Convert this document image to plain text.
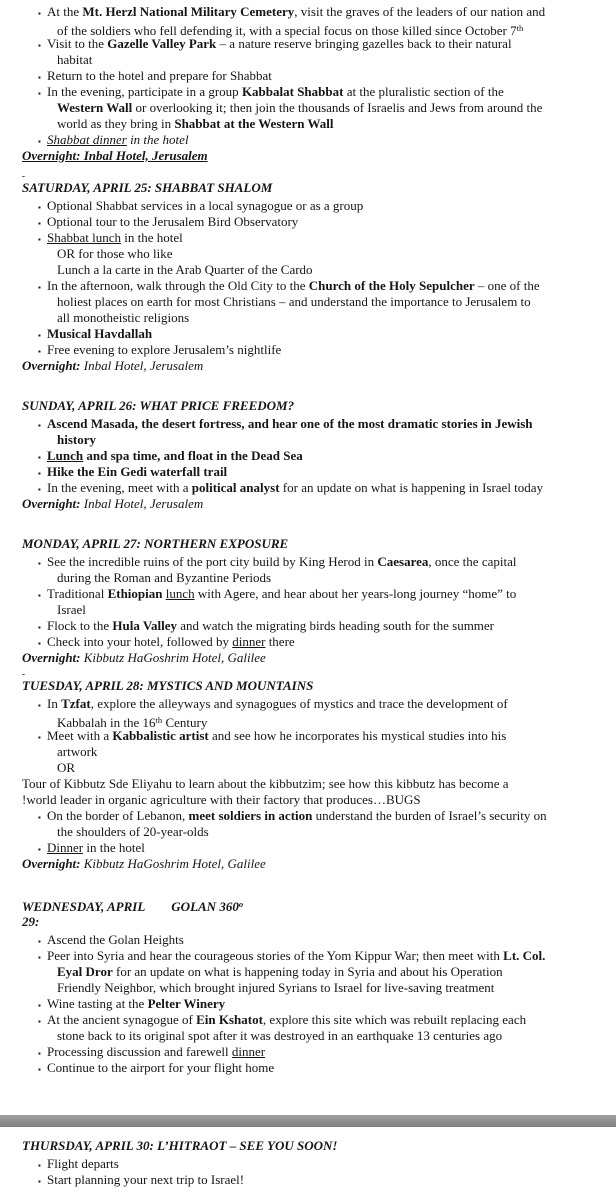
▪ At the Mt. Herzl National Military Cemetery, visit the graves of the leaders of our nation and
of the soldiers who fell defending it, with a special focus on those killed since October 7th
▪ Visit to the Gazelle Valley Park – a nature reserve bringing gazelles back to their natural
habitat
▪ Return to the hotel and prepare for Shabbat
▪ In the evening, participate in a group Kabbalat Shabbat at the pluralistic section of the
Western Wall or overlooking it; then join the thousands of Israelis and Jews from around the
world as they bring in Shabbat at the Western Wall
▪ Shabbat dinner in the hotel
Overnight: Inbal Hotel, Jerusalem
-
SATURDAY, APRIL 25: SHABBAT SHALOM
▪ Optional Shabbat services in a local synagogue or as a group
▪ Optional tour to the Jerusalem Bird Observatory
▪ Shabbat lunch in the hotel
OR for those who like
Lunch a la carte in the Arab Quarter of the Cardo
▪ In the afternoon, walk through the Old City to the Church of the Holy Sepulcher – one of the
holiest places on earth for most Christians – and understand the importance to Jerusalem to
all monotheistic religions
▪ Musical Havdallah
▪ Free evening to explore Jerusalem’s nightlife
Overnight: Inbal Hotel, Jerusalem
SUNDAY, APRIL 26: WHAT PRICE FREEDOM?
▪ Ascend Masada, the desert fortress, and hear one of the most dramatic stories in Jewish
history
▪ Lunch and spa time, and float in the Dead Sea
▪ Hike the Ein Gedi waterfall trail
▪ In the evening, meet with a political analyst for an update on what is happening in Israel today
Overnight: Inbal Hotel, Jerusalem
MONDAY, APRIL 27: NORTHERN EXPOSURE
▪ See the incredible ruins of the port city build by King Herod in Caesarea, once the capital
during the Roman and Byzantine Periods
▪ Traditional Ethiopian lunch with Agere, and hear about her years-long journey “home” to
Israel
▪ Flock to the Hula Valley and watch the migrating birds heading south for the summer
▪ Check into your hotel, followed by dinner there
Overnight: Kibbutz HaGoshrim Hotel, Galilee
-
TUESDAY, APRIL 28: MYSTICS AND MOUNTAINS
▪ In Tzfat, explore the alleyways and synagogues of mystics and trace the development of
Kabbalah in the 16th Century
▪ Meet with a Kabbalistic artist and see how he incorporates his mystical studies into his
artwork
OR
Tour of Kibbutz Sde Eliyahu to learn about the kibbutzim; see how this kibbutz has become a
!world leader in organic agriculture with their factory that produces…BUGS
▪ On the border of Lebanon, meet soldiers in action understand the burden of Israel’s security on
the shoulders of 20-year-olds
▪ Dinner in the hotel
Overnight: Kibbutz HaGoshrim Hotel, Galilee
WEDNESDAY, APRIL GOLAN 360$^o$
29:
▪ Ascend the Golan Heights
▪ Peer into Syria and hear the courageous stories of the Yom Kippur War; then meet with Lt. Col.
Eyal Dror for an update on what is happening today in Syria and about his Operation
Friendly Neighbor, which brought injured Syrians to Israel for live-saving treatment
▪ Wine tasting at the Pelter Winery
▪ At the ancient synagogue of Ein Kshatot, explore this site which was rebuilt replacing each
stone back to its original spot after it was destroyed in an earthquake 13 centuries ago
▪ Processing discussion and farewell dinner
▪ Continue to the airport for your flight home
THURSDAY, APRIL 30: L’HITRAOT – SEE YOU SOON!
▪ Flight departs
▪ Start planning your next trip to Israel!
